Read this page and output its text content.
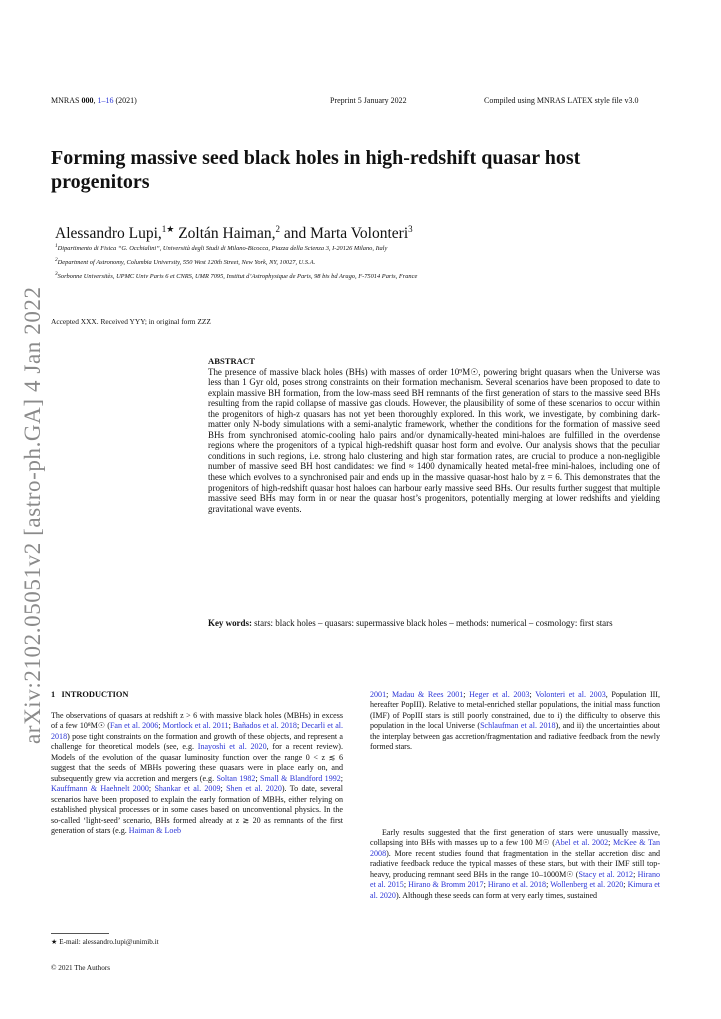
MNRAS 000, 1–16 (2021)	Preprint 5 January 2022	Compiled using MNRAS LATEX style file v3.0
arXiv:2102.05051v2 [astro-ph.GA] 4 Jan 2022
Forming massive seed black holes in high-redshift quasar host progenitors
Alessandro Lupi,$^{1★}$ Zoltán Haiman,$^2$ and Marta Volonteri$^3$
$^1$Dipartimento di Fisica “G. Occhialini”, Università degli Studi di Milano-Bicocca, Piazza della Scienza 3, I-20126 Milano, Italy
$^2$Department of Astronomy, Columbia University, 550 West 120th Street, New York, NY, 10027, U.S.A.
$^3$Sorbonne Universitès, UPMC Univ Paris 6 et CNRS, UMR 7095, Institut d’Astrophysique de Paris, 98 bis bd Arago, F-75014 Paris, France
Accepted XXX. Received YYY; in original form ZZZ
ABSTRACT

The presence of massive black holes (BHs) with masses of order 10⁹M☉, powering bright quasars when the Universe was less than 1 Gyr old, poses strong constraints on their formation mechanism. Several scenarios have been proposed to date to explain massive BH formation, from the low-mass seed BH remnants of the first generation of stars to the massive seed BHs resulting from the rapid collapse of massive gas clouds. However, the plausibility of some of these scenarios to occur within the progenitors of high-z quasars has not yet been thoroughly explored. In this work, we investigate, by combining dark-matter only N-body simulations with a semi-analytic framework, whether the conditions for the formation of massive seed BHs from synchronised atomic-cooling halo pairs and/or dynamically-heated mini-haloes are fulfilled in the overdense regions where the progenitors of a typical high-redshift quasar host form and evolve. Our analysis shows that the peculiar conditions in such regions, i.e. strong halo clustering and high star formation rates, are crucial to produce a non-negligible number of massive seed BH host candidates: we find ≈ 1400 dynamically heated metal-free mini-haloes, including one of these which evolves to a synchronised pair and ends up in the massive quasar-host halo by z = 6. This demonstrates that the progenitors of high-redshift quasar host haloes can harbour early massive seed BHs. Our results further suggest that multiple massive seed BHs may form in or near the quasar host’s progenitors, potentially merging at lower redshifts and yielding gravitational wave events.

Key words: stars: black holes – quasars: supermassive black holes – methods: numerical – cosmology: first stars
1 INTRODUCTION

The observations of quasars at redshift z > 6 with massive black holes (MBHs) in excess of a few 10⁸M☉ (Fan et al. 2006; Mortlock et al. 2011; Bañados et al. 2018; Decarli et al. 2018) pose tight constraints on the formation and growth of these objects, and represent a challenge for theoretical models (see, e.g. Inayoshi et al. 2020, for a recent review). Models of the evolution of the quasar luminosity function over the range 0 < z ≲ 6 suggest that the seeds of MBHs powering these quasars were in place early on, and subsequently grew via accretion and mergers (e.g. Soltan 1982; Small & Blandford 1992; Kauffmann & Haehnelt 2000; Shankar et al. 2009; Shen et al. 2020). To date, several scenarios have been proposed to explain the early formation of MBHs, either relying on established physical processes or in some cases based on unconventional physics. In the so-called ‘light-seed’ scenario, BHs formed already at z ≳ 20 as remnants of the first generation of stars (e.g. Haiman & Loeb

2001; Madau & Rees 2001; Heger et al. 2003; Volonteri et al. 2003, Population III, hereafter PopIII). Relative to metal-enriched stellar populations, the initial mass function (IMF) of PopIII stars is still poorly constrained, due to i) the difficulty to observe this population in the local Universe (Schlaufman et al. 2018), and ii) the uncertainties about the interplay between gas accretion/fragmentation and radiative feedback from the newly formed stars.

Early results suggested that the first generation of stars were unusually massive, collapsing into BHs with masses up to a few 100 M☉ (Abel et al. 2002; McKee & Tan 2008). More recent studies found that fragmentation in the stellar accretion disc and radiative feedback reduce the typical masses of these stars, but with their IMF still top-heavy, producing remnant seed BHs in the range 10–1000M☉ (Stacy et al. 2012; Hirano et al. 2015; Hirano & Bromm 2017; Hirano et al. 2018; Wollenberg et al. 2020; Kimura et al. 2020). Although these seeds can form at very early times, sustained

★ E-mail: alessandro.lupi@unimib.it
© 2021 The Authors
